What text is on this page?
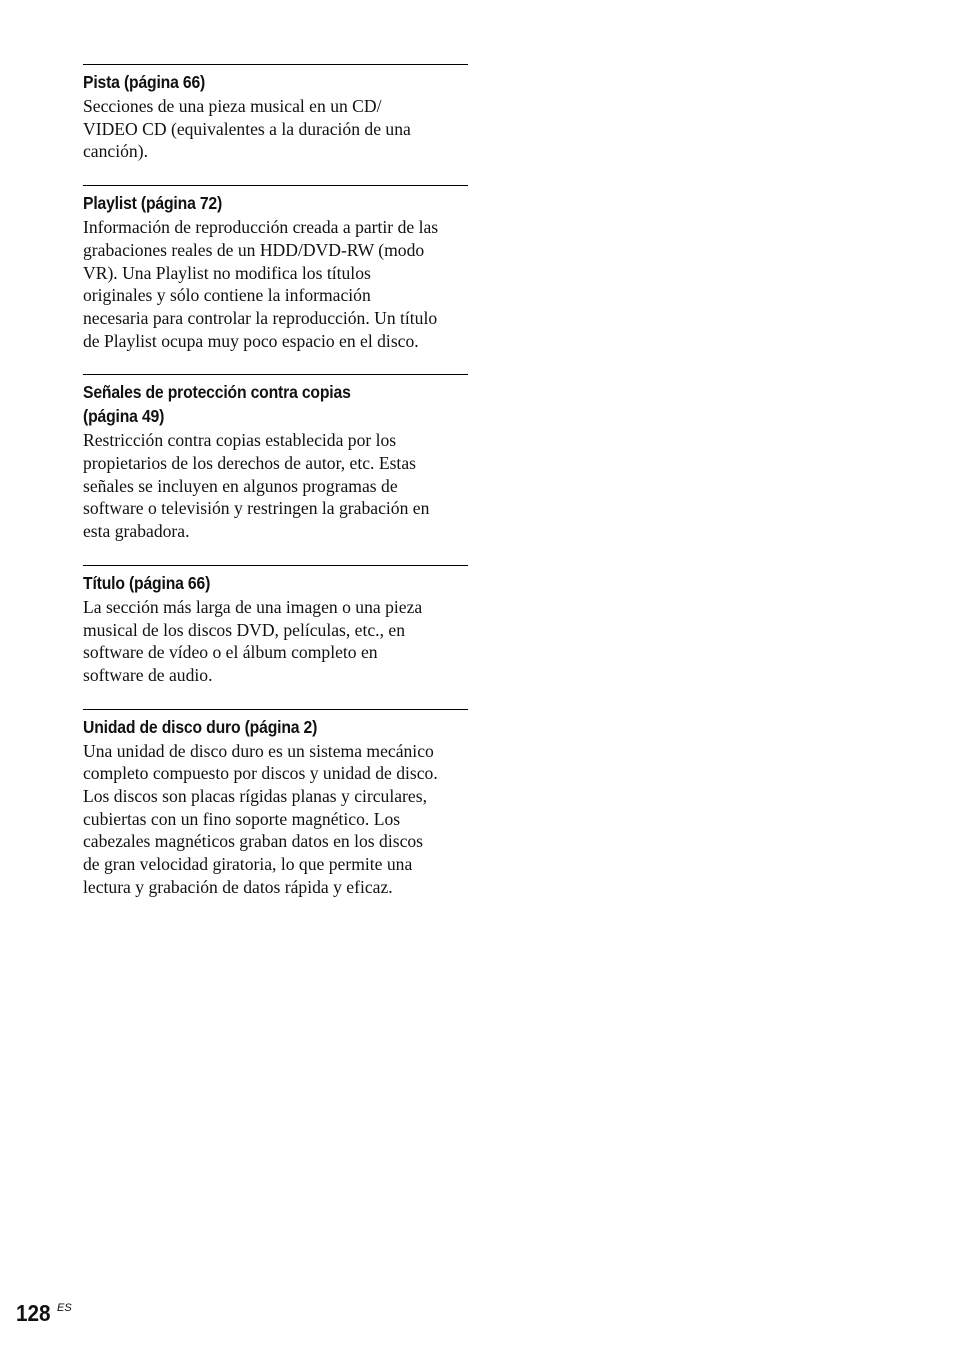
Pista (página 66)
Secciones de una pieza musical en un CD/
VIDEO CD (equivalentes a la duración de una
canción).
Playlist (página 72)
Información de reproducción creada a partir de las
grabaciones reales de un HDD/DVD-RW (modo
VR). Una Playlist no modifica los títulos
originales y sólo contiene la información
necesaria para controlar la reproducción. Un título
de Playlist ocupa muy poco espacio en el disco.
Señales de protección contra copias
(página 49)
Restricción contra copias establecida por los
propietarios de los derechos de autor, etc. Estas
señales se incluyen en algunos programas de
software o televisión y restringen la grabación en
esta grabadora.
Título (página 66)
La sección más larga de una imagen o una pieza
musical de los discos DVD, películas, etc., en
software de vídeo o el álbum completo en
software de audio.
Unidad de disco duro (página 2)
Una unidad de disco duro es un sistema mecánico
completo compuesto por discos y unidad de disco.
Los discos son placas rígidas planas y circulares,
cubiertas con un fino soporte magnético. Los
cabezales magnéticos graban datos en los discos
de gran velocidad giratoria, lo que permite una
lectura y grabación de datos rápida y eficaz.
128 ES
